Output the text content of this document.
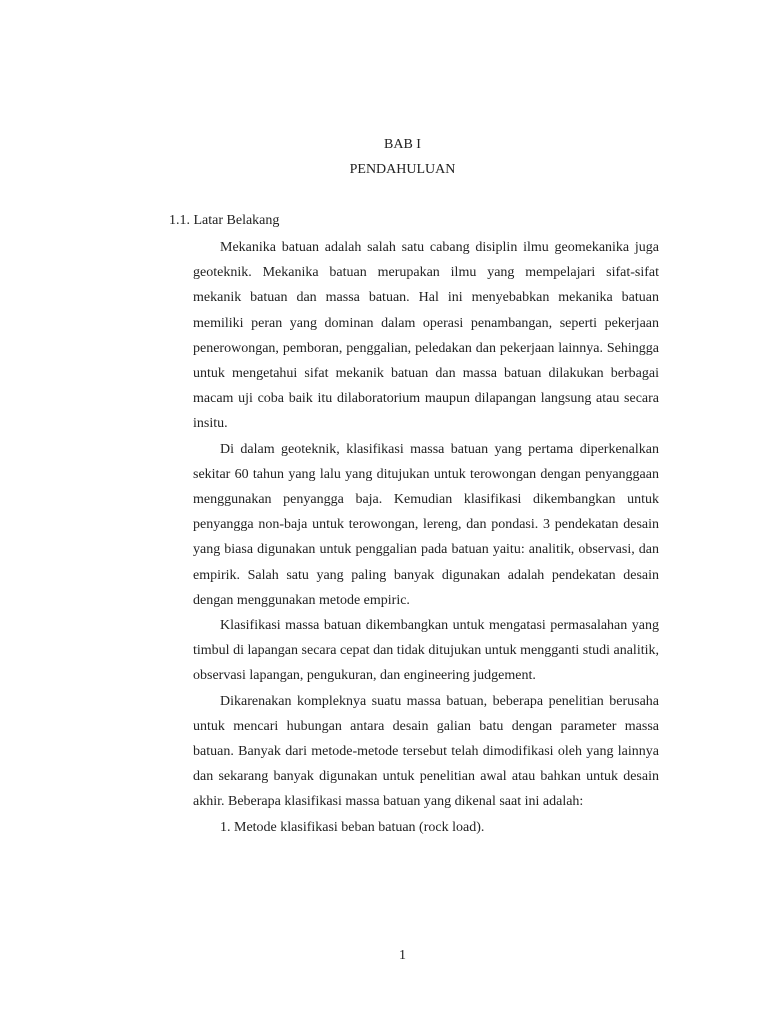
BAB I
PENDAHULUAN
1.1. Latar Belakang

Mekanika batuan adalah salah satu cabang disiplin ilmu geomekanika juga geoteknik. Mekanika batuan merupakan ilmu yang mempelajari sifat-sifat mekanik batuan dan massa batuan. Hal ini menyebabkan mekanika batuan memiliki peran yang dominan dalam operasi penambangan, seperti pekerjaan penerowongan, pemboran, penggalian, peledakan dan pekerjaan lainnya. Sehingga untuk mengetahui sifat mekanik batuan dan massa batuan dilakukan berbagai macam uji coba baik itu dilaboratorium maupun dilapangan langsung atau secara insitu.

Di dalam geoteknik, klasifikasi massa batuan yang pertama diperkenalkan sekitar 60 tahun yang lalu yang ditujukan untuk terowongan dengan penyanggaan menggunakan penyangga baja. Kemudian klasifikasi dikembangkan untuk penyangga non-baja untuk terowongan, lereng, dan pondasi. 3 pendekatan desain yang biasa digunakan untuk penggalian pada batuan yaitu: analitik, observasi, dan empirik. Salah satu yang paling banyak digunakan adalah pendekatan desain dengan menggunakan metode empiric.

Klasifikasi massa batuan dikembangkan untuk mengatasi permasalahan yang timbul di lapangan secara cepat dan tidak ditujukan untuk mengganti studi analitik, observasi lapangan, pengukuran, dan engineering judgement.

Dikarenakan kompleknya suatu massa batuan, beberapa penelitian berusaha untuk mencari hubungan antara desain galian batu dengan parameter massa batuan. Banyak dari metode-metode tersebut telah dimodifikasi oleh yang lainnya dan sekarang banyak digunakan untuk penelitian awal atau bahkan untuk desain akhir. Beberapa klasifikasi massa batuan yang dikenal saat ini adalah:

1. Metode klasifikasi beban batuan (rock load).

1
